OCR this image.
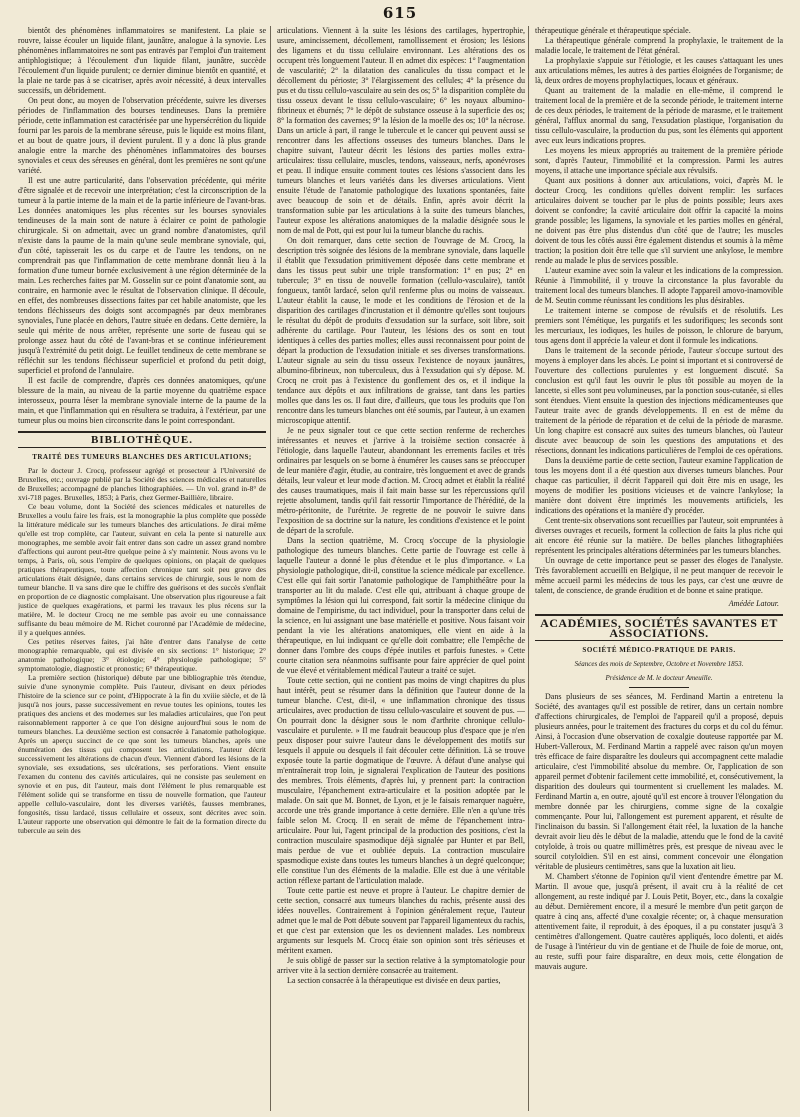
615

bientôt des phénomènes inflammatoires se manifestent. La plaie se rouvre, laisse écouler un liquide filant, jaunâtre, analogue à la synovie. Les phénomènes inflammatoires ne sont pas entravés par l'emploi d'un traitement antiphlogistique; à l'écoulement d'un liquide filant, jaunâtre, succède l'écoulement d'un liquide purulent; ce dernier diminue bientôt en quantité, et la plaie ne tarde pas à se cicatriser, après avoir nécessité, à deux intervalles successifs, un débridement.

On peut donc, au moyen de l'observation précédente, suivre les diverses périodes de l'inflammation des bourses tendineuses. Dans la première période, cette inflammation est caractérisée par une hypersécrétion du liquide fourni par les parois de la membrane séreuse, puis le liquide est moins filant, et au bout de quatre jours, il devient purulent. Il y a donc là plus grande analogie entre la marche des phénomènes inflammatoires des bourses synoviales et ceux des séreuses en général, dont les premières ne sont qu'une variété.

Il est une autre particularité, dans l'observation précédente, qui mérite d'être signalée et de recevoir une interprétation; c'est la circonscription de la tumeur à la partie interne de la main et de la partie inférieure de l'avant-bras. Les données anatomiques les plus récentes sur les bourses synoviales tendineuses de la main sont de nature à éclairer ce point de pathologie chirurgicale. Si on admettait, avec un grand nombre d'anatomistes, qu'il n'existe dans la paume de la main qu'une seule membrane synoviale, qui, d'un côté, tapisserait les os du carpe et de l'autre les tendons, on ne comprendrait pas que l'inflammation de cette membrane donnât lieu à la formation d'une tumeur bornée exclusivement à une région déterminée de la main. Les recherches faites par M. Gosselin sur ce point d'anatomie sont, au contraire, en harmonie avec le résultat de l'observation clinique. Il découle, en effet, des nombreuses dissections faites par cet habile anatomiste, que les tendons fléchisseurs des doigts sont accompagnés par deux membranes synoviales, l'une placée en dehors, l'autre située en dedans. Cette dernière, la seule qui mérite de nous arrêter, représente une sorte de fuseau qui se prolonge assez haut du côté de l'avant-bras et se continue inférieurement jusqu'à l'extrémité du petit doigt. Le feuillet tendineux de cette membrane se réfléchit sur les tendons fléchisseur superficiel et profond du petit doigt, superficiel et profond de l'annulaire.

Il est facile de comprendre, d'après ces données anatomiques, qu'une blessure de la main, au niveau de la partie moyenne du quatrième espace interosseux, pourra léser la membrane synoviale interne de la paume de la main, et que l'inflammation qui en résultera se traduira, à l'extérieur, par une tumeur plus ou moins bien circonscrite dans le point correspondant.

BIBLIOTHÈQUE.
TRAITÉ DES TUMEURS BLANCHES DES ARTICULATIONS;

Par le docteur J. Crocq, professeur agrégé et prosecteur à l'Université de Bruxelles, etc.; ouvrage publié par la Société des sciences médicales et naturelles de Bruxelles; accompagné de planches lithographiées. — Un vol. grand in-8° de xvi-718 pages. Bruxelles, 1853; à Paris, chez Germer-Baillière, libraire.

Ce beau volume, dont la Société des sciences médicales et naturelles de Bruxelles a voulu faire les frais, est la monographie la plus complète que possède la littérature médicale sur les tumeurs blanches des articulations. Je dirai même qu'elle est trop complète, car l'auteur, suivant en cela la pente si naturelle aux monographes, me semble avoir fait entrer dans son cadre un assez grand nombre d'affections qui auront peut-être quelque peine à s'y maintenir. Nous avons vu le temps, à Paris, où, sous l'empire de quelques opinions, on plaçait de quelques pratiques thérapeutiques, toute affection chronique tant soit peu grave des articulations était désignée, dans certains services de chirurgie, sous le nom de tumeur blanche. Il va sans dire que le chiffre des guérisons et des succès s'enflait en proportion de ce diagnostic complaisant. Une observation plus rigoureuse a fait justice de quelques exagérations, et parmi les travaux les plus récens sur la matière, M. le docteur Crocq ne me semble pas avoir eu une connaissance suffisante du beau mémoire de M. Richet couronné par l'Académie de médecine, il y a quelques années.

Ces petites réserves faites, j'ai hâte d'entrer dans l'analyse de cette monographie remarquable, qui est divisée en six sections: 1° historique; 2° anatomie pathologique; 3° étiologie; 4° physiologie pathologique; 5° symptomatologie, diagnostic et pronostic; 6° thérapeutique.

La première section (historique) débute par une bibliographie très étendue, suivie d'une synonymie complète. Puis l'auteur, divisant en deux périodes l'histoire de la science sur ce point, d'Hippocrate à la fin du xviiie siècle, et de là jusqu'à nos jours, passe successivement en revue toutes les opinions, toutes les pratiques des anciens et des modernes sur les maladies articulaires, que l'on peut raisonnablement rapporter à ce que l'on désigne aujourd'hui sous le nom de tumeurs blanches. La deuxième section est consacrée à l'anatomie pathologique. Après un aperçu succinct de ce que sont les tumeurs blanches, après une énumération des tissus qui composent les articulations, l'auteur décrit successivement les altérations de chacun d'eux. Viennent d'abord les lésions de la synoviale, ses exsudations, ses ulcérations, ses perforations. Vient ensuite l'examen du contenu des cavités articulaires, qui ne consiste pas seulement en synovie et en pus, dit l'auteur, mais dont l'élément le plus remarquable est l'élément solide qui se transforme en tissu de nouvelle formation, que l'auteur appelle cellulo-vasculaire, dont les diverses variétés, fausses membranes, fongosités, tissu lardacé, tissus cellulaire et osseux, sont décrites avec soin. L'auteur rapporte une observation qui démontre le fait de la formation directe du tubercule au sein des

articulations. Viennent à la suite les lésions des cartilages, hypertrophie, usure, amincissement, décollement, ramollissement et érosion; les lésions des ligamens et du tissu cellulaire environnant. Les altérations des os occupent très longuement l'auteur. Il en admet dix espèces: 1° l'augmentation de vascularité; 2° la dilatation des canalicules du tissu compact et le décollement du périoste; 3° l'élargissement des cellules; 4° la présence du pus et du tissu cellulo-vasculaire au sein des os; 5° la disparition complète du tissu osseux devant le tissu cellulo-vasculaire; 6° les noyaux albumino-fibrineux et éburnés; 7° le dépôt de substance osseuse à la superficie des os; 8° la formation des cavernes; 9° la lésion de la moelle des os; 10° la nécrose. Dans un article à part, il range le tubercule et le cancer qui peuvent aussi se rencontrer dans les affections osseuses des tumeurs blanches. Dans le chapitre suivant, l'auteur décrit les lésions des parties molles extra-articulaires: tissu cellulaire, muscles, tendons, vaisseaux, nerfs, aponévroses et peau. Il indique ensuite comment toutes ces lésions s'associent dans les tumeurs blanches et leurs variétés dans les diverses articulations. Vient ensuite l'étude de l'anatomie pathologique des luxations spontanées, faite avec beaucoup de soin et de détails. Enfin, après avoir décrit la transformation subie par les articulations à la suite des tumeurs blanches, l'auteur expose les altérations anatomiques de la maladie désignée sous le nom de mal de Pott, qui est pour lui la tumeur blanche du rachis.

On doit remarquer, dans cette section de l'ouvrage de M. Crocq, la description très soignée des lésions de la membrane synoviale, dans laquelle il établit que l'exsudation primitivement déposée dans cette membrane et dans les tissus peut subir une triple transformation: 1° en pus; 2° en tubercule; 3° en tissu de nouvelle formation (cellulo-vasculaire), tantôt fongueux, tantôt lardacé, selon qu'il renferme plus ou moins de vaisseaux. L'auteur établit la cause, le mode et les conditions de l'érosion et de la disparition des cartilages d'incrustation et il démontre qu'elles sont toujours le résultat du dépôt de produits d'exsudation sur la surface, soit libre, soit adhérente du cartilage. Pour l'auteur, les lésions des os sont en tout identiques à celles des parties molles; elles aussi reconnaissent pour point de départ la production de l'exsudation initiale et ses diverses transformations. L'auteur signale au sein du tissu osseux l'existence de noyaux jaunâtres, albumino-fibrineux, non tuberculeux, dus à l'exsudation qui s'y dépose. M. Crocq ne croit pas à l'existence du gonflement des os, et il indique la tendance aux dépôts et aux infiltrations de graisse, tant dans les parties molles que dans les os. Il faut dire, d'ailleurs, que tous les produits que l'on rencontre dans les tumeurs blanches ont été soumis, par l'auteur, à un examen microscopique attentif.

Je ne peux signaler tout ce que cette section renferme de recherches intéressantes et neuves et j'arrive à la troisième section consacrée à l'étiologie, dans laquelle l'auteur, abandonnant les errements faciles et très ordinaires par lesquels on se borne à énumérer les causes sans se préoccuper de leur manière d'agir, étudie, au contraire, très longuement et avec de grands détails, leur valeur et leur mode d'action. M. Crocq admet et établit la réalité des causes traumatiques, mais il fait main basse sur les répercussions qu'il rejette absolument, tandis qu'il fait ressortir l'importance de l'hérédité, de la métro-péritonite, de l'urétrite. Je regrette de ne pouvoir le suivre dans l'exposition de sa doctrine sur la nature, les conditions d'existence et le point de départ de la scrofule.

Dans la section quatrième, M. Crocq s'occupe de la physiologie pathologique des tumeurs blanches. Cette partie de l'ouvrage est celle à laquelle l'auteur a donné le plus d'étendue et le plus d'importance. « La physiologie pathologique, dit-il, constitue la science médicale par excellence. C'est elle qui fait sortir l'anatomie pathologique de l'amphithéâtre pour la transporter au lit du malade. C'est elle qui, attribuant à chaque groupe de symptômes la lésion qui lui correspond, fait sortir la médecine clinique du domaine de l'empirisme, du tact individuel, pour la transporter dans celui de la science, en lui assignant une base matérielle et positive. Nous faisant voir pendant la vie les altérations anatomiques, elle vient en aide à la thérapeutique, en lui indiquant ce qu'elle doit combattre; elle l'empêche de donner dans l'ombre des coups d'épée inutiles et parfois funestes. » Cette courte citation sera néanmoins suffisante pour faire apprécier de quel point de vue élevé et véritablement médical l'auteur a traité ce sujet.

Toute cette section, qui ne contient pas moins de vingt chapitres du plus haut intérêt, peut se résumer dans la définition que l'auteur donne de la tumeur blanche. C'est, dit-il, « une inflammation chronique des tissus articulaires, avec production de tissu cellulo-vasculaire et souvent de pus. — On pourrait donc la désigner sous le nom d'arthrite chronique cellulo-vasculaire et purulente. » Il me faudrait beaucoup plus d'espace que je n'en peux disposer pour suivre l'auteur dans le développement des motifs sur lesquels il appuie ou desquels il fait découler cette définition. Là se trouve exposée toute la partie dogmatique de l'œuvre. À défaut d'une analyse qui m'entraînerait trop loin, je signalerai l'explication de l'auteur des positions des membres. Trois éléments, d'après lui, y prennent part: la contraction musculaire, l'épanchement extra-articulaire et la position adoptée par le malade. On sait que M. Bonnet, de Lyon, et je le faisais remarquer naguère, accorde une très grande importance à cette dernière. Elle n'en a qu'une très faible selon M. Crocq. Il en serait de même de l'épanchement intra-articulaire. Pour lui, l'agent principal de la production des positions, c'est la contraction musculaire spasmodique déjà signalée par Hunter et par Bell, mais perdue de vue et oubliée depuis. La contraction musculaire spasmodique existe dans toutes les tumeurs blanches à un degré quelconque; elle constitue l'un des éléments de la maladie. Elle est due à une véritable action réflexe partant de l'articulation malade.

Toute cette partie est neuve et propre à l'auteur. Le chapitre dernier de cette section, consacré aux tumeurs blanches du rachis, présente aussi des idées nouvelles. Contrairement à l'opinion généralement reçue, l'auteur admet que le mal de Pott débute souvent par l'appareil ligamenteux du rachis, et que c'est par extension que les os deviennent malades. Les nombreux arguments sur lesquels M. Crocq étaie son opinion sont très sérieuses et méritent examen.

Je suis obligé de passer sur la section relative à la symptomatologie pour arriver vite à la section dernière consacrée au traitement.

La section consacrée à la thérapeutique est divisée en deux parties,

thérapeutique générale et thérapeutique spéciale.

La thérapeutique générale comprend la prophylaxie, le traitement de la maladie locale, le traitement de l'état général.

La prophylaxie s'appuie sur l'étiologie, et les causes s'attaquant les unes aux articulations mêmes, les autres à des parties éloignées de l'organisme; de là, deux ordres de moyens prophylactiques, locaux et généraux.

Quant au traitement de la maladie en elle-même, il comprend le traitement local de la première et de la seconde période, le traitement interne de ces deux périodes, le traitement de la période de marasme, et le traitement général, l'afflux anormal du sang, l'exsudation plastique, l'organisation du tissu cellulo-vasculaire, la production du pus, sont les éléments qui apportent avec eux leurs indications propres.

Les moyens les mieux appropriés au traitement de la première période sont, d'après l'auteur, l'immobilité et la compression. Parmi les autres moyens, il attache une importance spéciale aux révulsifs.

Quant aux positions à donner aux articulations, voici, d'après M. le docteur Crocq, les conditions qu'elles doivent remplir: les surfaces articulaires doivent se toucher par le plus de points possible; leurs axes doivent se confondre; la cavité articulaire doit offrir la capacité la moins grande possible; les ligamens, la synoviale et les parties molles en général, ne doivent pas être plus distendus d'un côté que de l'autre; les muscles doivent de tous les côtés aussi être également distendus et soumis à la même traction; la position doit être telle que s'il survient une ankylose, le membre rende au malade le plus de services possible.

L'auteur examine avec soin la valeur et les indications de la compression. Réunie à l'immobilité, il y trouve la circonstance la plus favorable du traitement local des tumeurs blanches. Il adopte l'appareil amovo-inamovible de M. Seutin comme réunissant les conditions les plus désirables.

Le traitement interne se compose de révulsifs et de résolutifs. Les premiers sont l'émétique, les purgatifs et les sudorifiques; les seconds sont les mercuriaux, les iodiques, les huiles de poisson, le chlorure de baryum, tous agens dont il apprécie la valeur et dont il formule les indications.

Dans le traitement de la seconde période, l'auteur s'occupe surtout des moyens à employer dans les abcès. Le point si important et si controversé de l'ouverture des collections purulentes y est longuement discuté. Sa conclusion est qu'il faut les ouvrir le plus tôt possible au moyen de la lancette, si elles sont peu volumineuses, par la ponction sous-cutanée, si elles sont étendues. Vient ensuite la question des injections médicamenteuses que l'auteur traite avec de grands développements. Il en est de même du traitement de la période de réparation et de celui de la période de marasme. Un long chapitre est consacré aux suites des tumeurs blanches, où l'auteur discute avec beaucoup de soin les questions des amputations et des résections, donnant les indications particulières de l'emploi de ces opérations.

Dans la deuxième partie de cette section, l'auteur examine l'application de tous les moyens dont il a été question aux diverses tumeurs blanches. Pour chaque cas particulier, il décrit l'appareil qui doit être mis en usage, les moyens de modifier les positions vicieuses et de vaincre l'ankylose; la manière dont doivent être imprimés les mouvements artificiels, les indications des opérations et la manière d'y procéder.

Cent trente-six observations sont recueillies par l'auteur, soit empruntées à diverses ouvrages et recueils, forment la collection de faits la plus riche qui ait encore été réunie sur la matière. De belles planches lithographiées représentent les principales altérations déterminées par les tumeurs blanches.

Un ouvrage de cette importance peut se passer des éloges de l'analyste. Très favorablement accueilli en Belgique, il ne peut manquer de recevoir le même accueil parmi les médecins de tous les pays, car c'est une œuvre de talent, de conscience, de grande érudition et de bonne et saine pratique.

Amédée Latour.
ACADÉMIES, SOCIÉTÉS SAVANTES ET ASSOCIATIONS.
SOCIÉTÉ MÉDICO-PRATIQUE DE PARIS.
Séances des mois de Septembre, Octobre et Novembre 1853.
Présidence de M. le docteur Ameuille.

Dans plusieurs de ses séances, M. Ferdinand Martin a entretenu la Société, des avantages qu'il est possible de retirer, dans un certain nombre d'affections chirurgicales, de l'emploi de l'appareil qu'il a proposé, depuis plusieurs années, pour le traitement des fractures du corps et du col du fémur. Ainsi, à l'occasion d'une observation de coxalgie douteuse rapportée par M. Hubert-Valleroux, M. Ferdinand Martin a rappelé avec raison qu'un moyen très efficace de faire disparaître les douleurs qui accompagnent cette maladie articulaire, c'est l'immobilité absolue du membre. Or, l'application de son appareil permet d'obtenir facilement cette immobilité, et, consécutivement, la disparition des douleurs qui tourmentent si cruellement les malades. M. Ferdinand Martin a, en outre, ajouté qu'il est encore à trouver l'élongation du membre donnée par les chirurgiens, comme signe de la coxalgie commençante. Pour lui, l'allongement est purement apparent, et résulte de l'inclinaison du bassin. Si l'allongement était réel, la luxation de la hanche devrait avoir lieu dès le début de la maladie, attendu que le fond de la cavité cotyloïde, à trois ou quatre millimètres près, est presque de niveau avec le sourcil cotyloïdien. S'il en est ainsi, comment concevoir une élongation véritable de plusieurs centimètres, sans que la luxation ait lieu.

M. Chambert s'étonne de l'opinion qu'il vient d'entendre émettre par M. Martin. Il avoue que, jusqu'à présent, il avait cru à la réalité de cet allongement, au reste indiqué par J. Louis Petit, Boyer, etc., dans la coxalgie au début. Dernièrement encore, il a mesuré le membre d'un petit garçon de quatre à cinq ans, affecté d'une coxalgie récente; or, à chaque mensuration attentivement faite, il reproduit, à des époques, il a pu constater jusqu'à 3 centimètres d'allongement. Quatre cautères appliqués, loco dolenti, et aidés de l'usage à l'intérieur du vin de gentiane et de l'huile de foie de morue, ont, au reste, suffi pour faire disparaître, en deux mois, cette élongation de mauvais augure.
